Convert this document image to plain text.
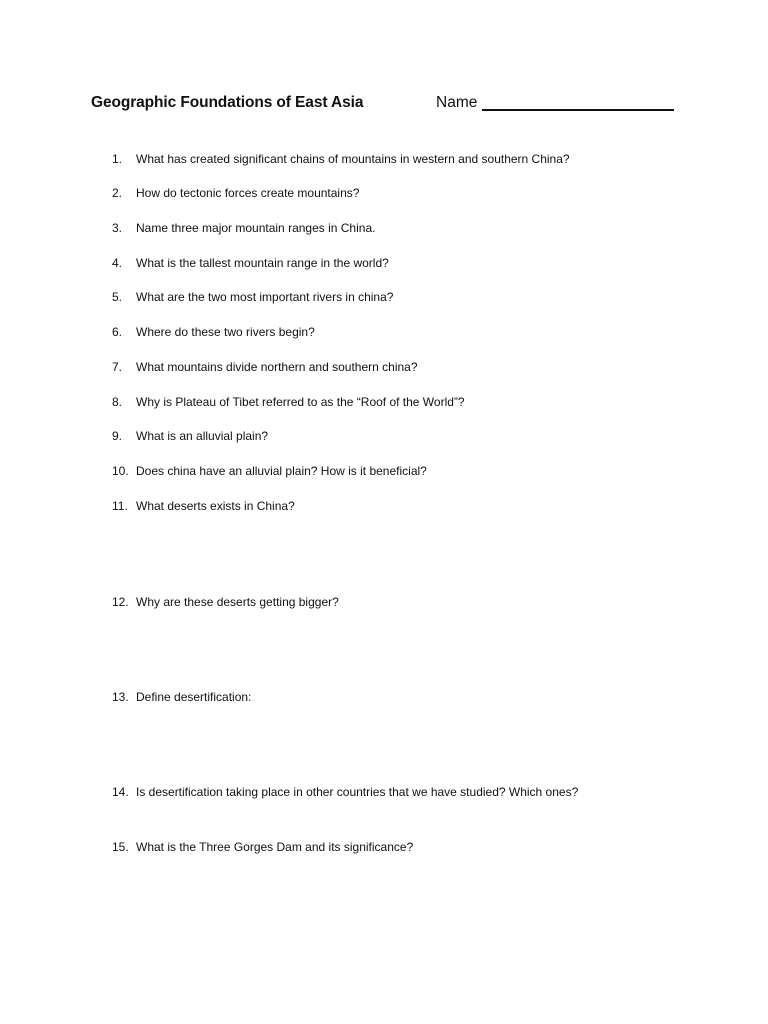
Geographic Foundations of East Asia	Name
1. What has created significant chains of mountains in western and southern China?
2. How do tectonic forces create mountains?
3. Name three major mountain ranges in China.
4. What is the tallest mountain range in the world?
5. What are the two most important rivers in china?
6. Where do these two rivers begin?
7. What mountains divide northern and southern china?
8. Why is Plateau of Tibet referred to as the “Roof of the World”?
9. What is an alluvial plain?
10. Does china have an alluvial plain? How is it beneficial?
11. What deserts exists in China?
12. Why are these deserts getting bigger?
13. Define desertification:
14. Is desertification taking place in other countries that we have studied? Which ones?
15. What is the Three Gorges Dam and its significance?
